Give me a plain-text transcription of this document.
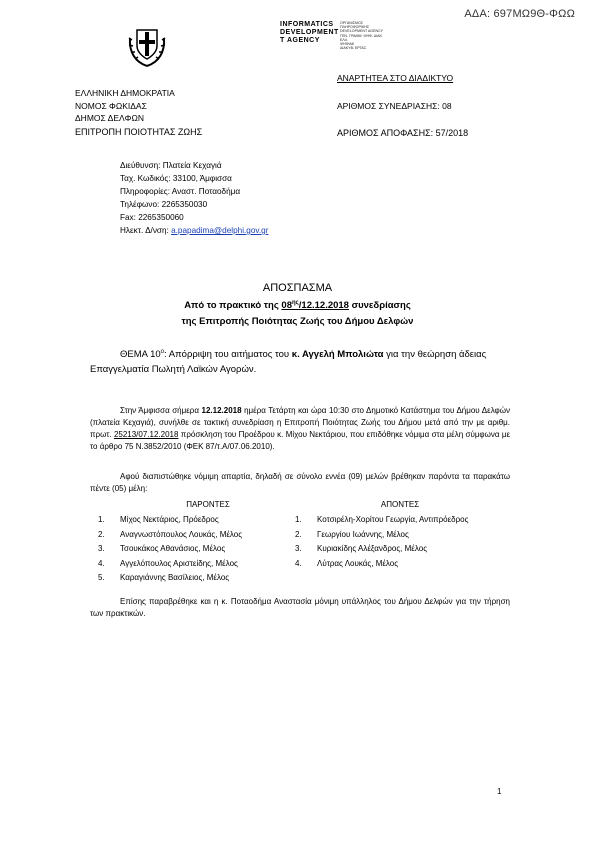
ΑΔΑ: 697ΜΩ9Θ-ΦΩΩ
INFORMATICS
DEVELOPMENT
T AGENCY
ΟΡΓΑΝΙΣΜΟΣ
ΠΛΗΡΟΦΟΡΙΚΗΣ
DEVELOPMENT AGENCY
ΓΕΝ. ΓΡΑΜΜ. ΨΗΦ. ΔΙΑΚ.
ΕΛΛ.
ΨΗΦΙΑΚ
ΔΙΑΚΥΒ. ΕΡΓΑΣ.
ΕΛΛΗΝΙΚΗ ΔΗΜΟΚΡΑΤΙΑ
ΝΟΜΟΣ ΦΩΚΙΔΑΣ
ΔΗΜΟΣ ΔΕΛΦΩΝ
ΕΠΙΤΡΟΠΗ ΠΟΙΟΤΗΤΑΣ ΖΩΗΣ
ΑΝΑΡΤΗΤΕΑ ΣΤΟ ΔΙΑΔΙΚΤΥΟ
ΑΡΙΘΜΟΣ ΣΥΝΕΔΡΙΑΣΗΣ: 08
ΑΡΙΘΜΟΣ ΑΠΟΦΑΣΗΣ: 57/2018
Διεύθυνση: Πλατεία Κεχαγιά
Ταχ. Κωδικός: 33100, Άμφισσα
Πληροφορίες: Αναστ. Ποταοδήμα
Τηλέφωνο: 2265350030
Fax: 2265350060
Ηλεκτ. Δ/νση: a.papadima@delphi.gov.gr
ΑΠΟΣΠΑΣΜΑ
Από το πρακτικό της $08^{\eta\varsigma}/12.12.2018$ συνεδρίασης
της Επιτροπής Ποιότητας Ζωής του Δήμου Δελφών
ΘΕΜΑ $10^o$: Απόρριψη του αιτήματος του κ. Αγγελή Μπολιώτα για την θεώρηση άδειας Επαγγελματία Πωλητή Λαϊκών Αγορών.
Στην Άμφισσα σήμερα 12.12.2018 ημέρα Τετάρτη και ώρα 10:30 στο Δημοτικό Κατάστημα του Δήμου Δελφών (πλατεία Κεχαγιά), συνήλθε σε τακτική συνεδρίαση η Επιτροπή Ποιότητας Ζωής του Δήμου μετά από την με αριθμ. πρωτ. 25213/07.12.2018 πρόσκληση του Προέδρου κ. Μίχου Νεκτάριου, που επιδόθηκε νόμιμα στα μέλη σύμφωνα με το άρθρο 75 Ν.3852/2010 (ΦΕΚ 87/τ.Α/07.06.2010).
Αφού διαπιστώθηκε νόμιμη απαρτία, δηλαδή σε σύνολο εννέα (09) μελών βρέθηκαν παρόντα τα παρακάτω πέντε (05) μέλη:
ΠΑΡΟΝΤΕΣ	ΑΠΟΝΤΕΣ
1. Μίχος Νεκτάριος, Πρόεδρος
2. Αναγνωστόπουλος Λουκάς, Μέλος
3. Τσουκάκος Αθανάσιος, Μέλος
4. Αγγελόπουλος Αριστείδης, Μέλος
5. Καραγιάννης Βασίλειος, Μέλος
1. Κοτσιρέλη-Χορίτου Γεωργία, Αντιπρόεδρος
2. Γεωργίου Ιωάννης, Μέλος
3. Κυριακίδης Αλέξανδρος, Μέλος
4. Λύτρας Λουκάς, Μέλος
Επίσης παραβρέθηκε και η κ. Ποταοδήμα Αναστασία μόνιμη υπάλληλος του Δήμου Δελφών για την τήρηση των πρακτικών.
1
